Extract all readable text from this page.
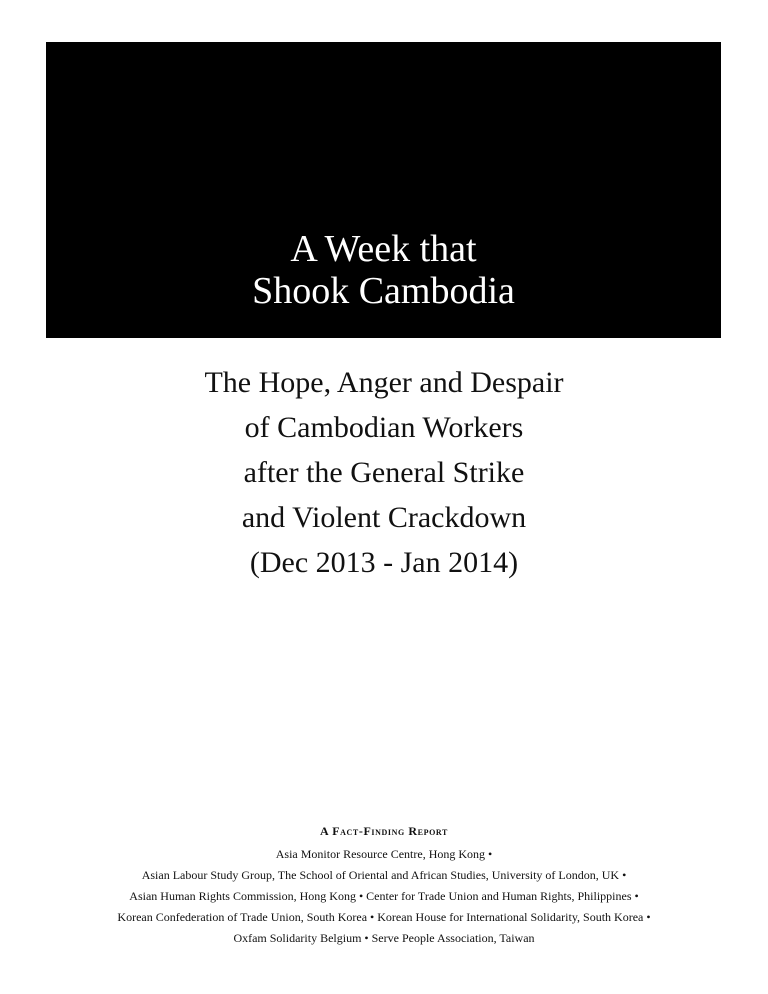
A Week that
Shook Cambodia
The Hope, Anger and Despair
of Cambodian Workers
after the General Strike
and Violent Crackdown
(Dec 2013 - Jan 2014)
A Fact-Finding Report
Asia Monitor Resource Centre, Hong Kong •
Asian Labour Study Group, The School of Oriental and African Studies, University of London, UK •
Asian Human Rights Commission, Hong Kong • Center for Trade Union and Human Rights, Philippines •
Korean Confederation of Trade Union, South Korea • Korean House for International Solidarity, South Korea •
Oxfam Solidarity Belgium • Serve People Association, Taiwan
